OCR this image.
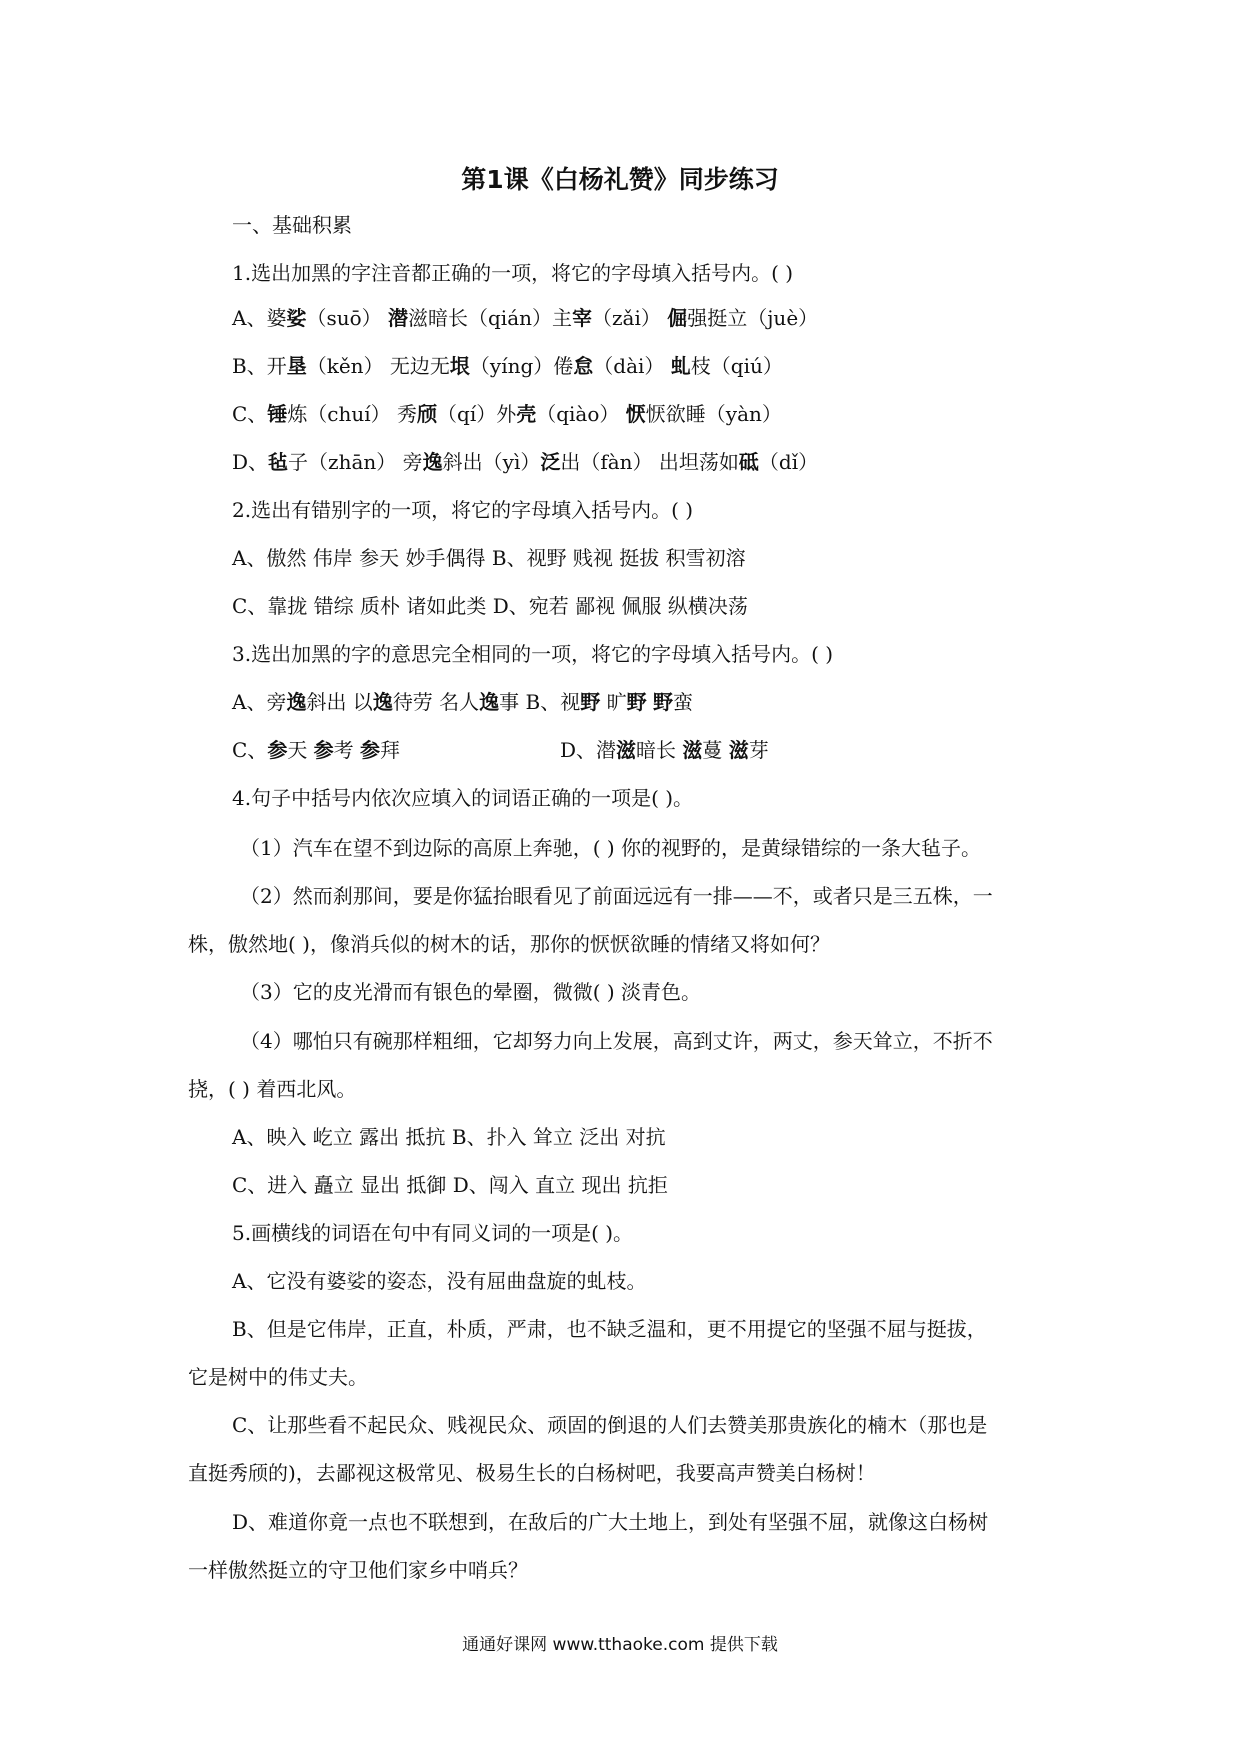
第1课《白杨礼赞》同步练习
一、基础积累
1.选出加黑的字注音都正确的一项，将它的字母填入括号内。( )
A、婆娑（suō） 潜滋暗长（qián）主宰（zǎi） 倔强挺立（juè）
B、开垦（kěn） 无边无垠（yíng）倦怠（dài） 虬枝（qiú）
C、锤炼（chuí） 秀颀（qí）外壳（qiào） 恹恹欲睡（yàn）
D、毡子（zhān） 旁逸斜出（yì）泛出（fàn） 出坦荡如砥（dǐ）
2.选出有错别字的一项，将它的字母填入括号内。( )
A、傲然 伟岸 参天 妙手偶得 B、视野 贱视 挺拔 积雪初溶
C、靠拢 错综 质朴 诸如此类 D、宛若 鄙视 佩服 纵横决荡
3.选出加黑的字的意思完全相同的一项，将它的字母填入括号内。( )
A、旁逸斜出 以逸待劳 名人逸事 B、视野 旷野 野蛮
C、参天 参考 参拜	D、潜滋暗长 滋蔓 滋芽
4.句子中括号内依次应填入的词语正确的一项是( )。
（1）汽车在望不到边际的高原上奔驰，( ) 你的视野的，是黄绿错综的一条大毡子。
（2）然而刹那间，要是你猛抬眼看见了前面远远有一排——不，或者只是三五株，一
株，傲然地( )，像消兵似的树木的话，那你的恹恹欲睡的情绪又将如何？
（3）它的皮光滑而有银色的晕圈，微微( ) 淡青色。
（4）哪怕只有碗那样粗细，它却努力向上发展，高到丈许，两丈，参天耸立，不折不
挠，( ) 着西北风。
A、映入 屹立 露出 抵抗 B、扑入 耸立 泛出 对抗
C、进入 矗立 显出 抵御 D、闯入 直立 现出 抗拒
5.画横线的词语在句中有同义词的一项是( )。
A、它没有婆娑的姿态，没有屈曲盘旋的虬枝。
B、但是它伟岸，正直，朴质，严肃，也不缺乏温和，更不用提它的坚强不屈与挺拔，
它是树中的伟丈夫。
C、让那些看不起民众、贱视民众、顽固的倒退的人们去赞美那贵族化的楠木（那也是
直挺秀颀的)，去鄙视这极常见、极易生长的白杨树吧，我要高声赞美白杨树！
D、难道你竟一点也不联想到，在敌后的广大土地上，到处有坚强不屈，就像这白杨树
一样傲然挺立的守卫他们家乡中哨兵？
通通好课网 www.tthaoke.com 提供下载
